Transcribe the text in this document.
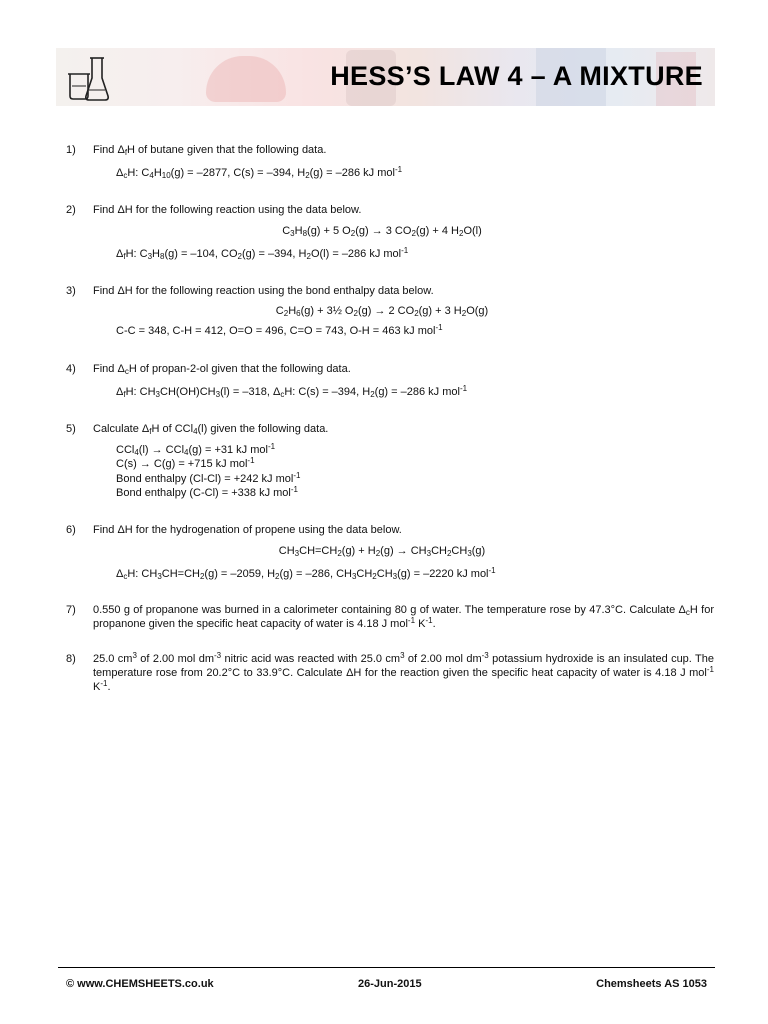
HESS’S LAW 4 – A MIXTURE
1) Find $\Delta_fH$ of butane given that the following data.
$\Delta_cH$: $C_4H_{10}(g) = -2877$, C(s) = –394, $H_2(g) = -286$ kJ mol$^{-1}$
2) Find ΔH for the following reaction using the data below.
$C_3H_8(g) + 5$ $O_2(g) \to 3$ $CO_2(g) + 4$ $H_2O(l)$
$\Delta_fH$: $C_3H_8(g) = -104$, $CO_2(g) = -394$, $H_2O(l) = -286$ kJ mol$^{-1}$
3) Find ΔH for the following reaction using the bond enthalpy data below.
$C_2H_6(g)$ + 3½ $O_2(g) \to 2$ $CO_2(g) + 3$ $H_2O(g)$
C-C = 348, C-H = 412, O=O = 496, C=O = 743, O-H = 463 kJ mol$^{-1}$
4) Find $\Delta_cH$ of propan-2-ol given that the following data.
$\Delta_fH$: $CH_3CH(OH)CH_3(l) = -318$, $\Delta_cH$: C(s) = –394, $H_2(g) = -286$ kJ mol$^{-1}$
5) Calculate $\Delta_fH$ of CCl$_4$(l) given the following data.
CCl$_4$(l) → CCl$_4$(g) = +31 kJ mol$^{-1}$
C(s) → C(g) = +715 kJ mol$^{-1}$
Bond enthalpy (Cl-Cl) = +242 kJ mol$^{-1}$
Bond enthalpy (C-Cl) = +338 kJ mol$^{-1}$
6) Find ΔH for the hydrogenation of propene using the data below.
$CH_3CH=CH_2(g) + H_2(g) \to CH_3CH_2CH_3(g)$
$\Delta_cH$: $CH_3CH=CH_2(g) = -2059$, $H_2(g) = -286$, $CH_3CH_2CH_3(g) = -2220$ kJ mol$^{-1}$
7) 0.550 g of propanone was burned in a calorimeter containing 80 g of water. The temperature rose by 47.3°C. Calculate $\Delta_cH$ for propanone given the specific heat capacity of water is 4.18 J mol$^{-1}$ $K^{-1}$.
8) 25.0 $cm^3$ of 2.00 mol $dm^{-3}$ nitric acid was reacted with 25.0 $cm^3$ of 2.00 mol $dm^{-3}$ potassium hydroxide is an insulated cup. The temperature rose from 20.2°C to 33.9°C. Calculate ΔH for the reaction given the specific heat capacity of water is 4.18 J mol$^{-1}$ $K^{-1}$.
© www.CHEMSHEETS.co.uk	26-Jun-2015	Chemsheets AS 1053
